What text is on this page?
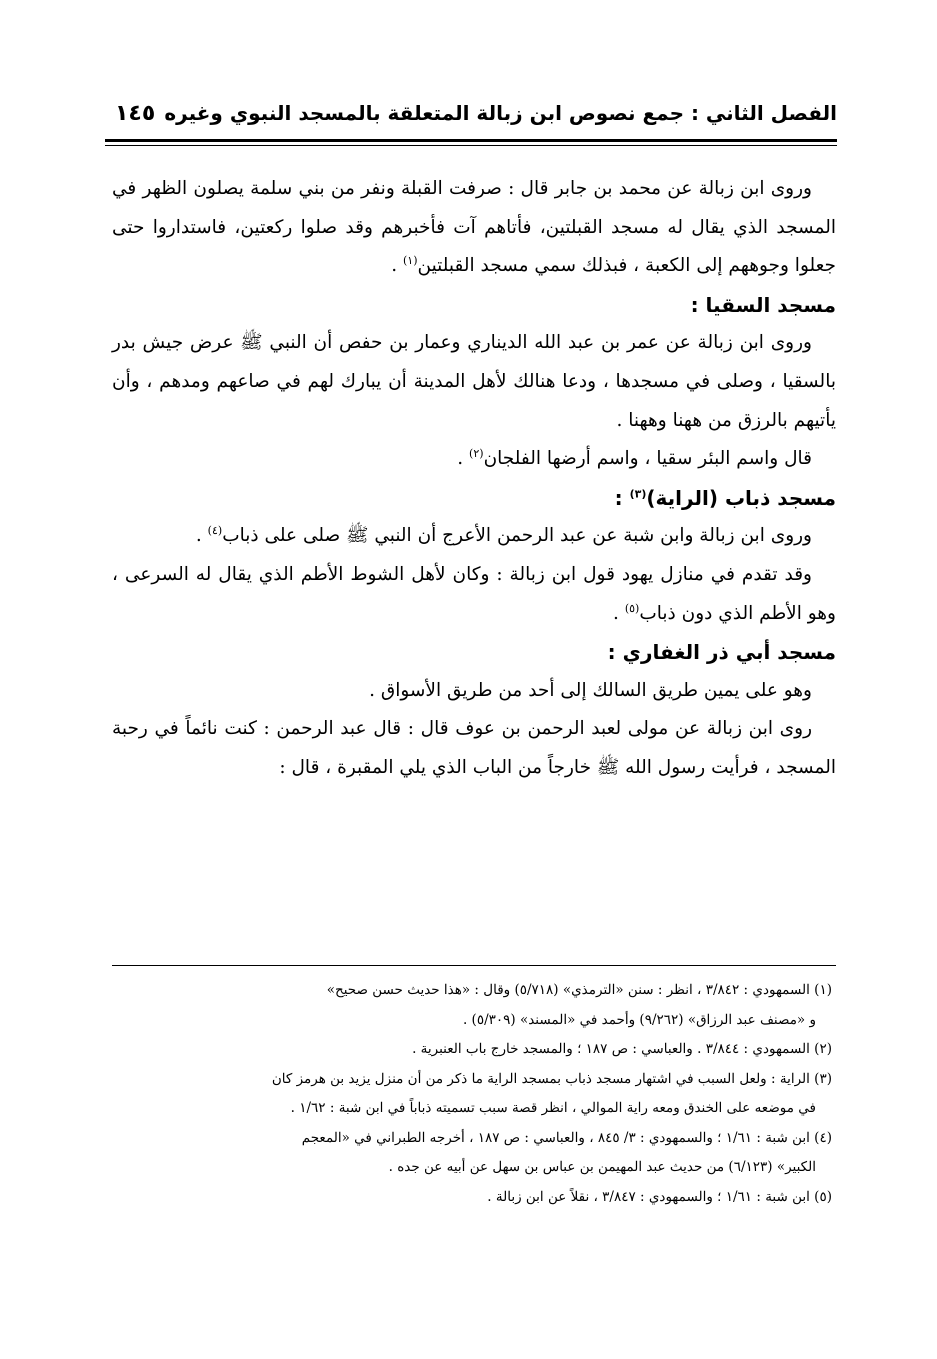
الفصل الثاني : جمع نصوص ابن زبالة المتعلقة بالمسجد النبوي وغيره
١٤٥

وروى ابن زبالة عن محمد بن جابر قال : صرفت القبلة ونفر من بني سلمة يصلون الظهر في المسجد الذي يقال له مسجد القبلتين، فأتاهم آت فأخبرهم وقد صلوا ركعتين، فاستداروا حتى جعلوا وجوههم إلى الكعبة ، فبذلك سمي مسجد القبلتين$^{(١)}$ .

مسجد السقيا :

وروى ابن زبالة عن عمر بن عبد الله الديناري وعمار بن حفص أن النبي ﷺ عرض جيش بدر بالسقيا ، وصلى في مسجدها ، ودعا هنالك لأهل المدينة أن يبارك لهم في صاعهم ومدهم ، وأن يأتيهم بالرزق من ههنا وههنا .

قال واسم البئر سقيا ، واسم أرضها الفلجان$^{(٢)}$ .

مسجد ذباب (الراية)$^{(٣)}$ :

وروى ابن زبالة وابن شبة عن عبد الرحمن الأعرج أن النبي ﷺ صلى على ذباب$^{(٤)}$ .

وقد تقدم في منازل يهود قول ابن زبالة : وكان لأهل الشوط الأطم الذي يقال له السرعى ، وهو الأطم الذي دون ذباب$^{(٥)}$ .

مسجد أبي ذر الغفاري :

وهو على يمين طريق السالك إلى أحد من طريق الأسواق .

روى ابن زبالة عن مولى لعبد الرحمن بن عوف قال : قال عبد الرحمن : كنت نائماً في رحبة المسجد ، فرأيت رسول الله ﷺ خارجاً من الباب الذي يلي المقبرة ، قال :

(١) السمهودي : ٣/٨٤٢ ، انظر : سنن «الترمذي» (٥/٧١٨) وقال : «هذا حديث حسن صحيح»

و «مصنف عبد الرزاق» (٩/٢٦٢) وأحمد في «المسند» (٥/٣٠٩) .

(٢) السمهودي : ٣/٨٤٤ . والعباسي : ص ١٨٧ ؛ والمسجد خارج باب العنبرية .

(٣) الراية : ولعل السبب في اشتهار مسجد ذباب بمسجد الراية ما ذكر من أن منزل يزيد بن هرمز كان

في موضعه على الخندق ومعه راية الموالي ، انظر قصة سبب تسميته ذباباً في ابن شبة : ١/٦٢ .

(٤) ابن شبة : ١/٦١ ؛ والسمهودي : ٣/ ٨٤٥ ، والعباسي : ص ١٨٧ ، أخرجه الطبراني في «المعجم

الكبير» (٦/١٢٣) من حديث عبد المهيمن بن عباس بن سهل عن أبيه عن جده .

(٥) ابن شبة : ١/٦١ ؛ والسمهودي : ٣/٨٤٧ ، نقلاً عن ابن زبالة .
